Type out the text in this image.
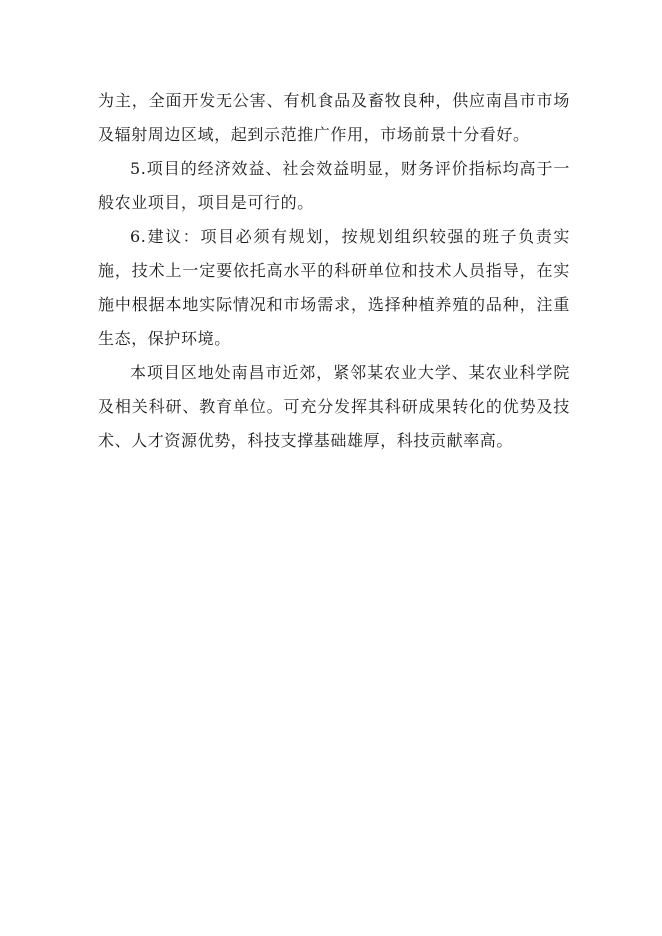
为主，全面开发无公害、有机食品及畜牧良种，供应南昌市市场及辐射周边区域，起到示范推广作用，市场前景十分看好。

5.项目的经济效益、社会效益明显，财务评价指标均高于一般农业项目，项目是可行的。

6.建议：项目必须有规划，按规划组织较强的班子负责实施，技术上一定要依托高水平的科研单位和技术人员指导，在实施中根据本地实际情况和市场需求，选择种植养殖的品种，注重生态，保护环境。

本项目区地处南昌市近郊，紧邻某农业大学、某农业科学院及相关科研、教育单位。可充分发挥其科研成果转化的优势及技术、人才资源优势，科技支撑基础雄厚，科技贡献率高。
